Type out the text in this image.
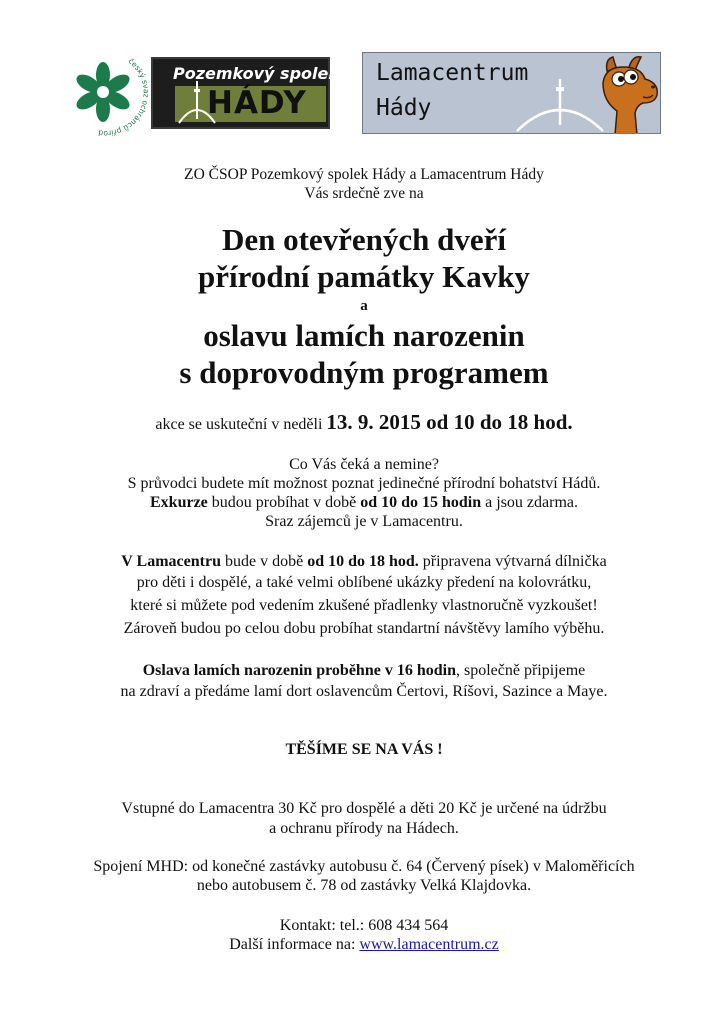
český chránců přírod
Pozemkový spolek
HÁDY
Lamacentrum
Hády
ZO ČSOP Pozemkový spolek Hády a Lamacentrum Hády
Vás srdečně zve na
Den otevřených dveří
přírodní památky Kavky
a
oslavu lamích narozenin
s doprovodným programem
akce se uskuteční v neděli 13. 9. 2015 od 10 do 18 hod.
Co Vás čeká a nemine?
S průvodci budete mít možnost poznat jedinečné přírodní bohatství Hádů.
Exkurze budou probíhat v době od 10 do 15 hodin a jsou zdarma.
Sraz zájemců je v Lamacentru.
V Lamacentru bude v době od 10 do 18 hod. připravena výtvarná dílnička
pro děti i dospělé, a také velmi oblíbené ukázky předení na kolovrátku,
které si můžete pod vedením zkušené přadlenky vlastnoručně vyzkoušet!
Zároveň budou po celou dobu probíhat standartní návštěvy lamího výběhu.
Oslava lamích narozenin proběhne v 16 hodin, společně připijeme
na zdraví a předáme lamí dort oslavencům Čertovi, Ríšovi, Sazince a Maye.
TĚŠÍME SE NA VÁS !
Vstupné do Lamacentra 30 Kč pro dospělé a děti 20 Kč je určené na údržbu
a ochranu přírody na Hádech.
Spojení MHD: od konečné zastávky autobusu č. 64 (Červený písek) v Maloměřicích
nebo autobusem č. 78 od zastávky Velká Klajdovka.
Kontakt: tel.: 608 434 564
Další informace na: www.lamacentrum.cz
